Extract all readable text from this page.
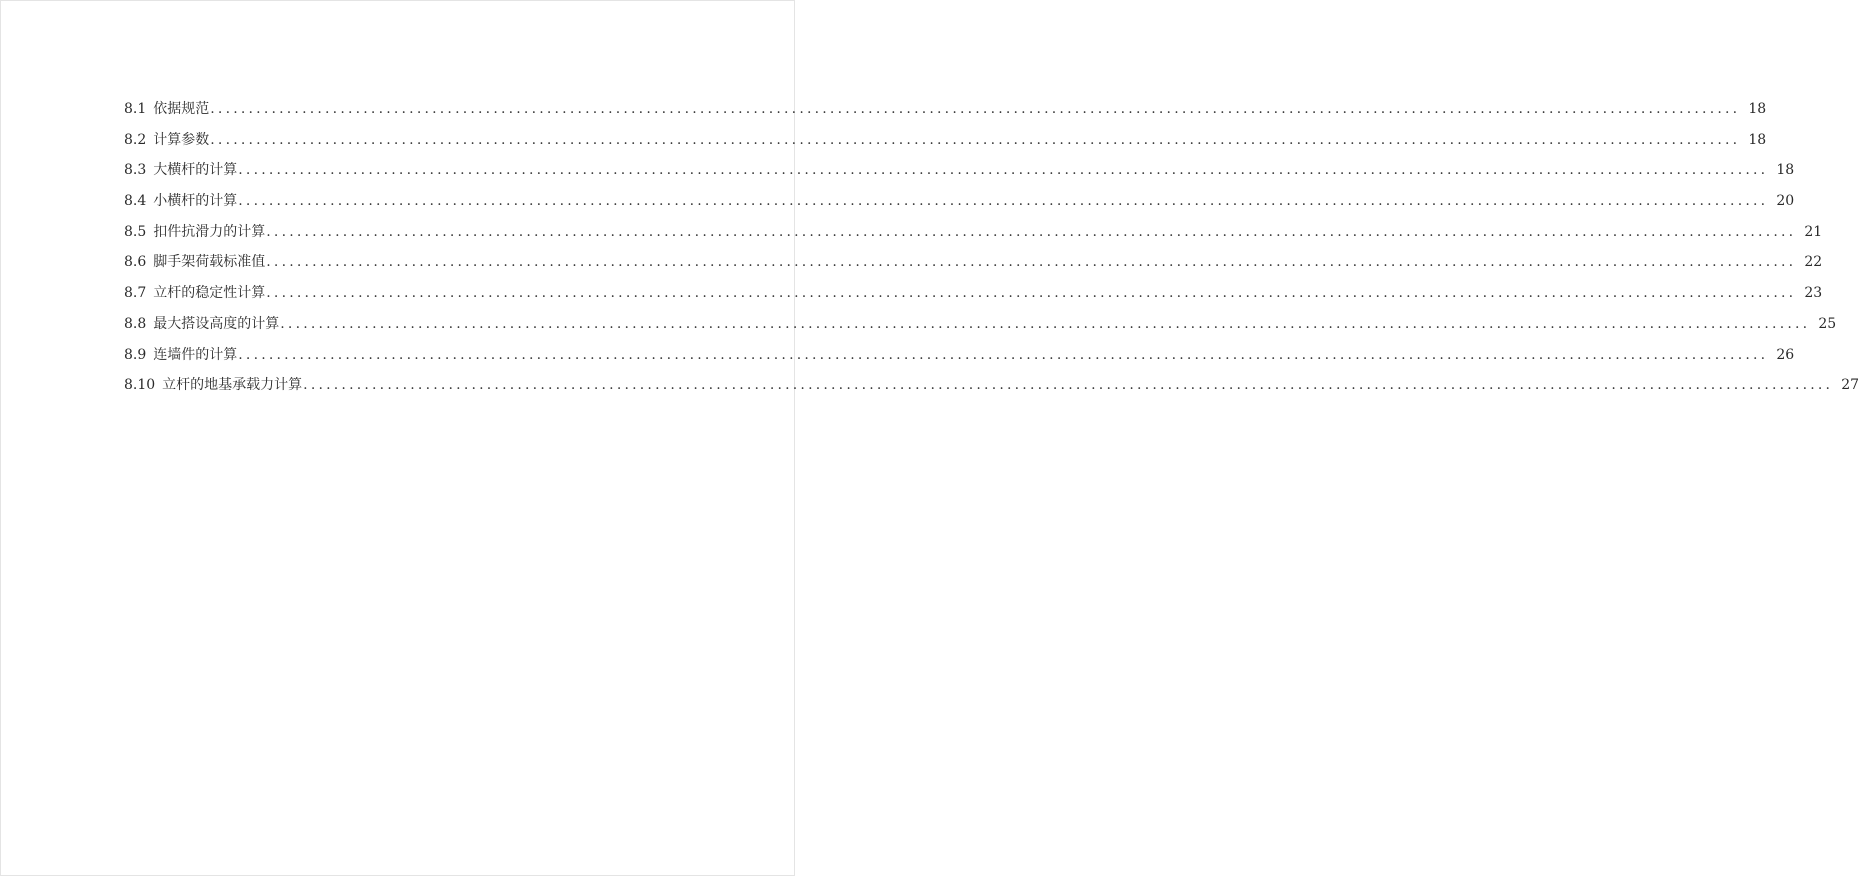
8.1 依据规范 ........................................................................................................................................................................................................ 18
8.2 计算参数 ........................................................................................................................................................................................................ 18
8.3 大横杆的计算 ........................................................................................................................................................................................................ 18
8.4 小横杆的计算 ........................................................................................................................................................................................................ 20
8.5 扣件抗滑力的计算 ........................................................................................................................................................................................................ 21
8.6 脚手架荷载标准值 ........................................................................................................................................................................................................ 22
8.7 立杆的稳定性计算 ........................................................................................................................................................................................................ 23
8.8 最大搭设高度的计算 ........................................................................................................................................................................................................ 25
8.9 连墙件的计算 ........................................................................................................................................................................................................ 26
8.10 立杆的地基承载力计算 ........................................................................................................................................................................................................ 27
